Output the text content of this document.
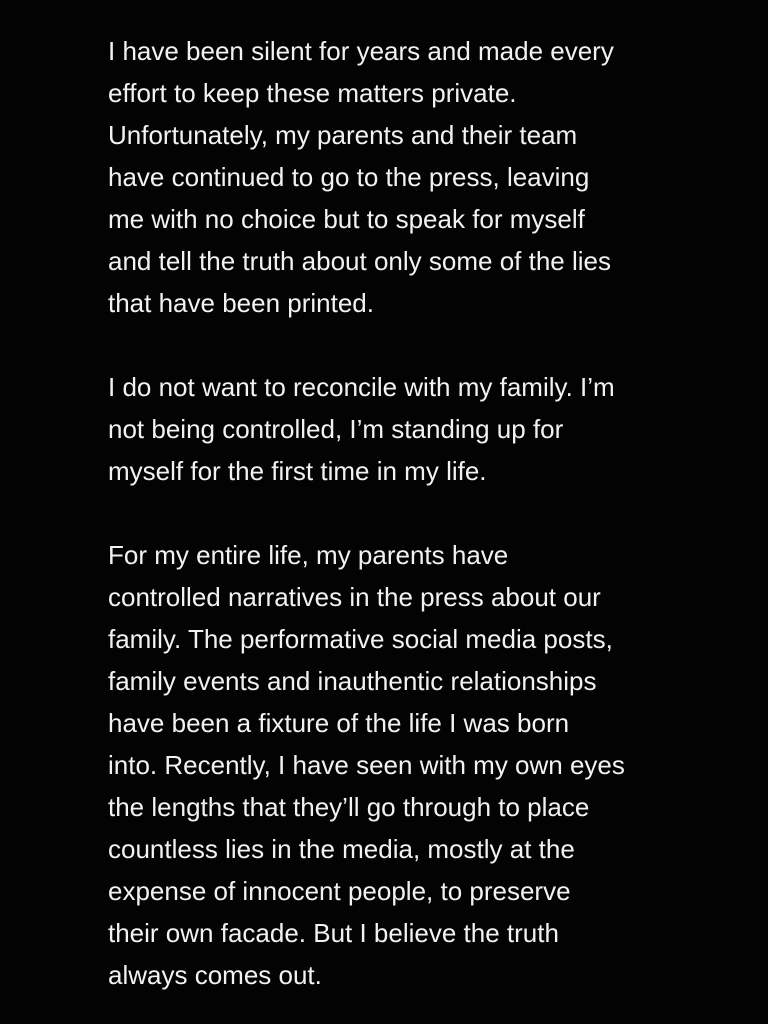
I have been silent for years and made every
effort to keep these matters private.
Unfortunately, my parents and their team
have continued to go to the press, leaving
me with no choice but to speak for myself
and tell the truth about only some of the lies
that have been printed.

I do not want to reconcile with my family. I’m
not being controlled, I’m standing up for
myself for the first time in my life.

For my entire life, my parents have
controlled narratives in the press about our
family. The performative social media posts,
family events and inauthentic relationships
have been a fixture of the life I was born
into. Recently, I have seen with my own eyes
the lengths that they’ll go through to place
countless lies in the media, mostly at the
expense of innocent people, to preserve
their own facade. But I believe the truth
always comes out.
